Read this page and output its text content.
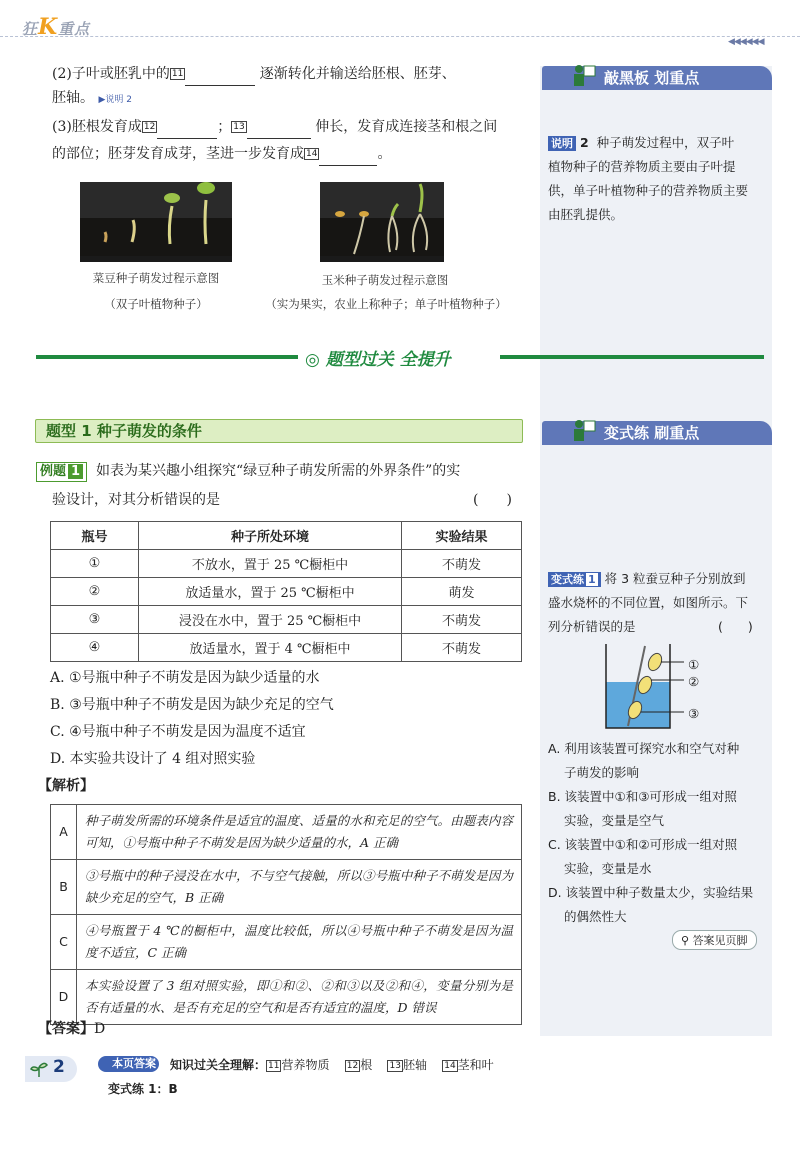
狂K重点
◀◀◀◀◀◀
敲黑板 划重点
(2)子叶或胚乳中的 11	逐渐转化并输送给胚根、胚芽、
胚轴。 ▶说明 2
(3)胚根发育成 12	； 13	伸长，发育成连接茎和根之间
的部位；胚芽发育成芽，茎进一步发育成 14	。
菜豆种子萌发过程示意图
（双子叶植物种子）
玉米种子萌发过程示意图
（实为果实，农业上称种子；单子叶植物种子）
说明 2 种子萌发过程中，双子叶
植物种子的营养物质主要由子叶提
供，单子叶植物种子的营养物质主要
由胚乳提供。
◎ 题型过关 全提升
题型 1 种子萌发的条件	变式练 刷重点
例题 1 如表为某兴趣小组探究“绿豆种子萌发所需的外界条件”的实
验设计，对其分析错误的是	(　　)
瓶号	种子所处环境	实验结果
①	不放水，置于 25 ℃橱柜中	不萌发
②	放适量水，置于 25 ℃橱柜中	萌发
③	浸没在水中，置于 25 ℃橱柜中	不萌发
④	放适量水，置于 4 ℃橱柜中	不萌发
A. ①号瓶中种子不萌发是因为缺少适量的水
B. ③号瓶中种子不萌发是因为缺少充足的空气
C. ④号瓶中种子不萌发是因为温度不适宜
D. 本实验共设计了 4 组对照实验
【解析】
A	种子萌发所需的环境条件是适宜的温度、适量的水和充足的空气。由题表内容可知，①号瓶中种子不萌发是因为缺少适量的水，A 正确
B	③号瓶中的种子浸没在水中，不与空气接触，所以③号瓶中种子不萌发是因为缺少充足的空气，B 正确
C	④号瓶置于 4 ℃的橱柜中，温度比较低，所以④号瓶中种子不萌发是因为温度不适宜，C 正确
D	本实验设置了 3 组对照实验，即①和②、②和③以及②和④，变量分别为是否有适量的水、是否有充足的空气和是否有适宜的温度，D 错误
【答案】D
变式练 1 将 3 粒蚕豆种子分别放到
盛水烧杯的不同位置，如图所示。下
列分析错误的是	(　　)
①
②
③
A. 利用该装置可探究水和空气对种
子萌发的影响
B. 该装置中①和③可形成一组对照
实验，变量是空气
C. 该装置中①和②可形成一组对照
实验，变量是水
D. 该装置中种子数量太少，实验结果
的偶然性大
⚲ 答案见页脚
2	本页答案 知识过关全理解： 11 营养物质 12 根 13 胚轴 14 茎和叶
变式练 1：B
